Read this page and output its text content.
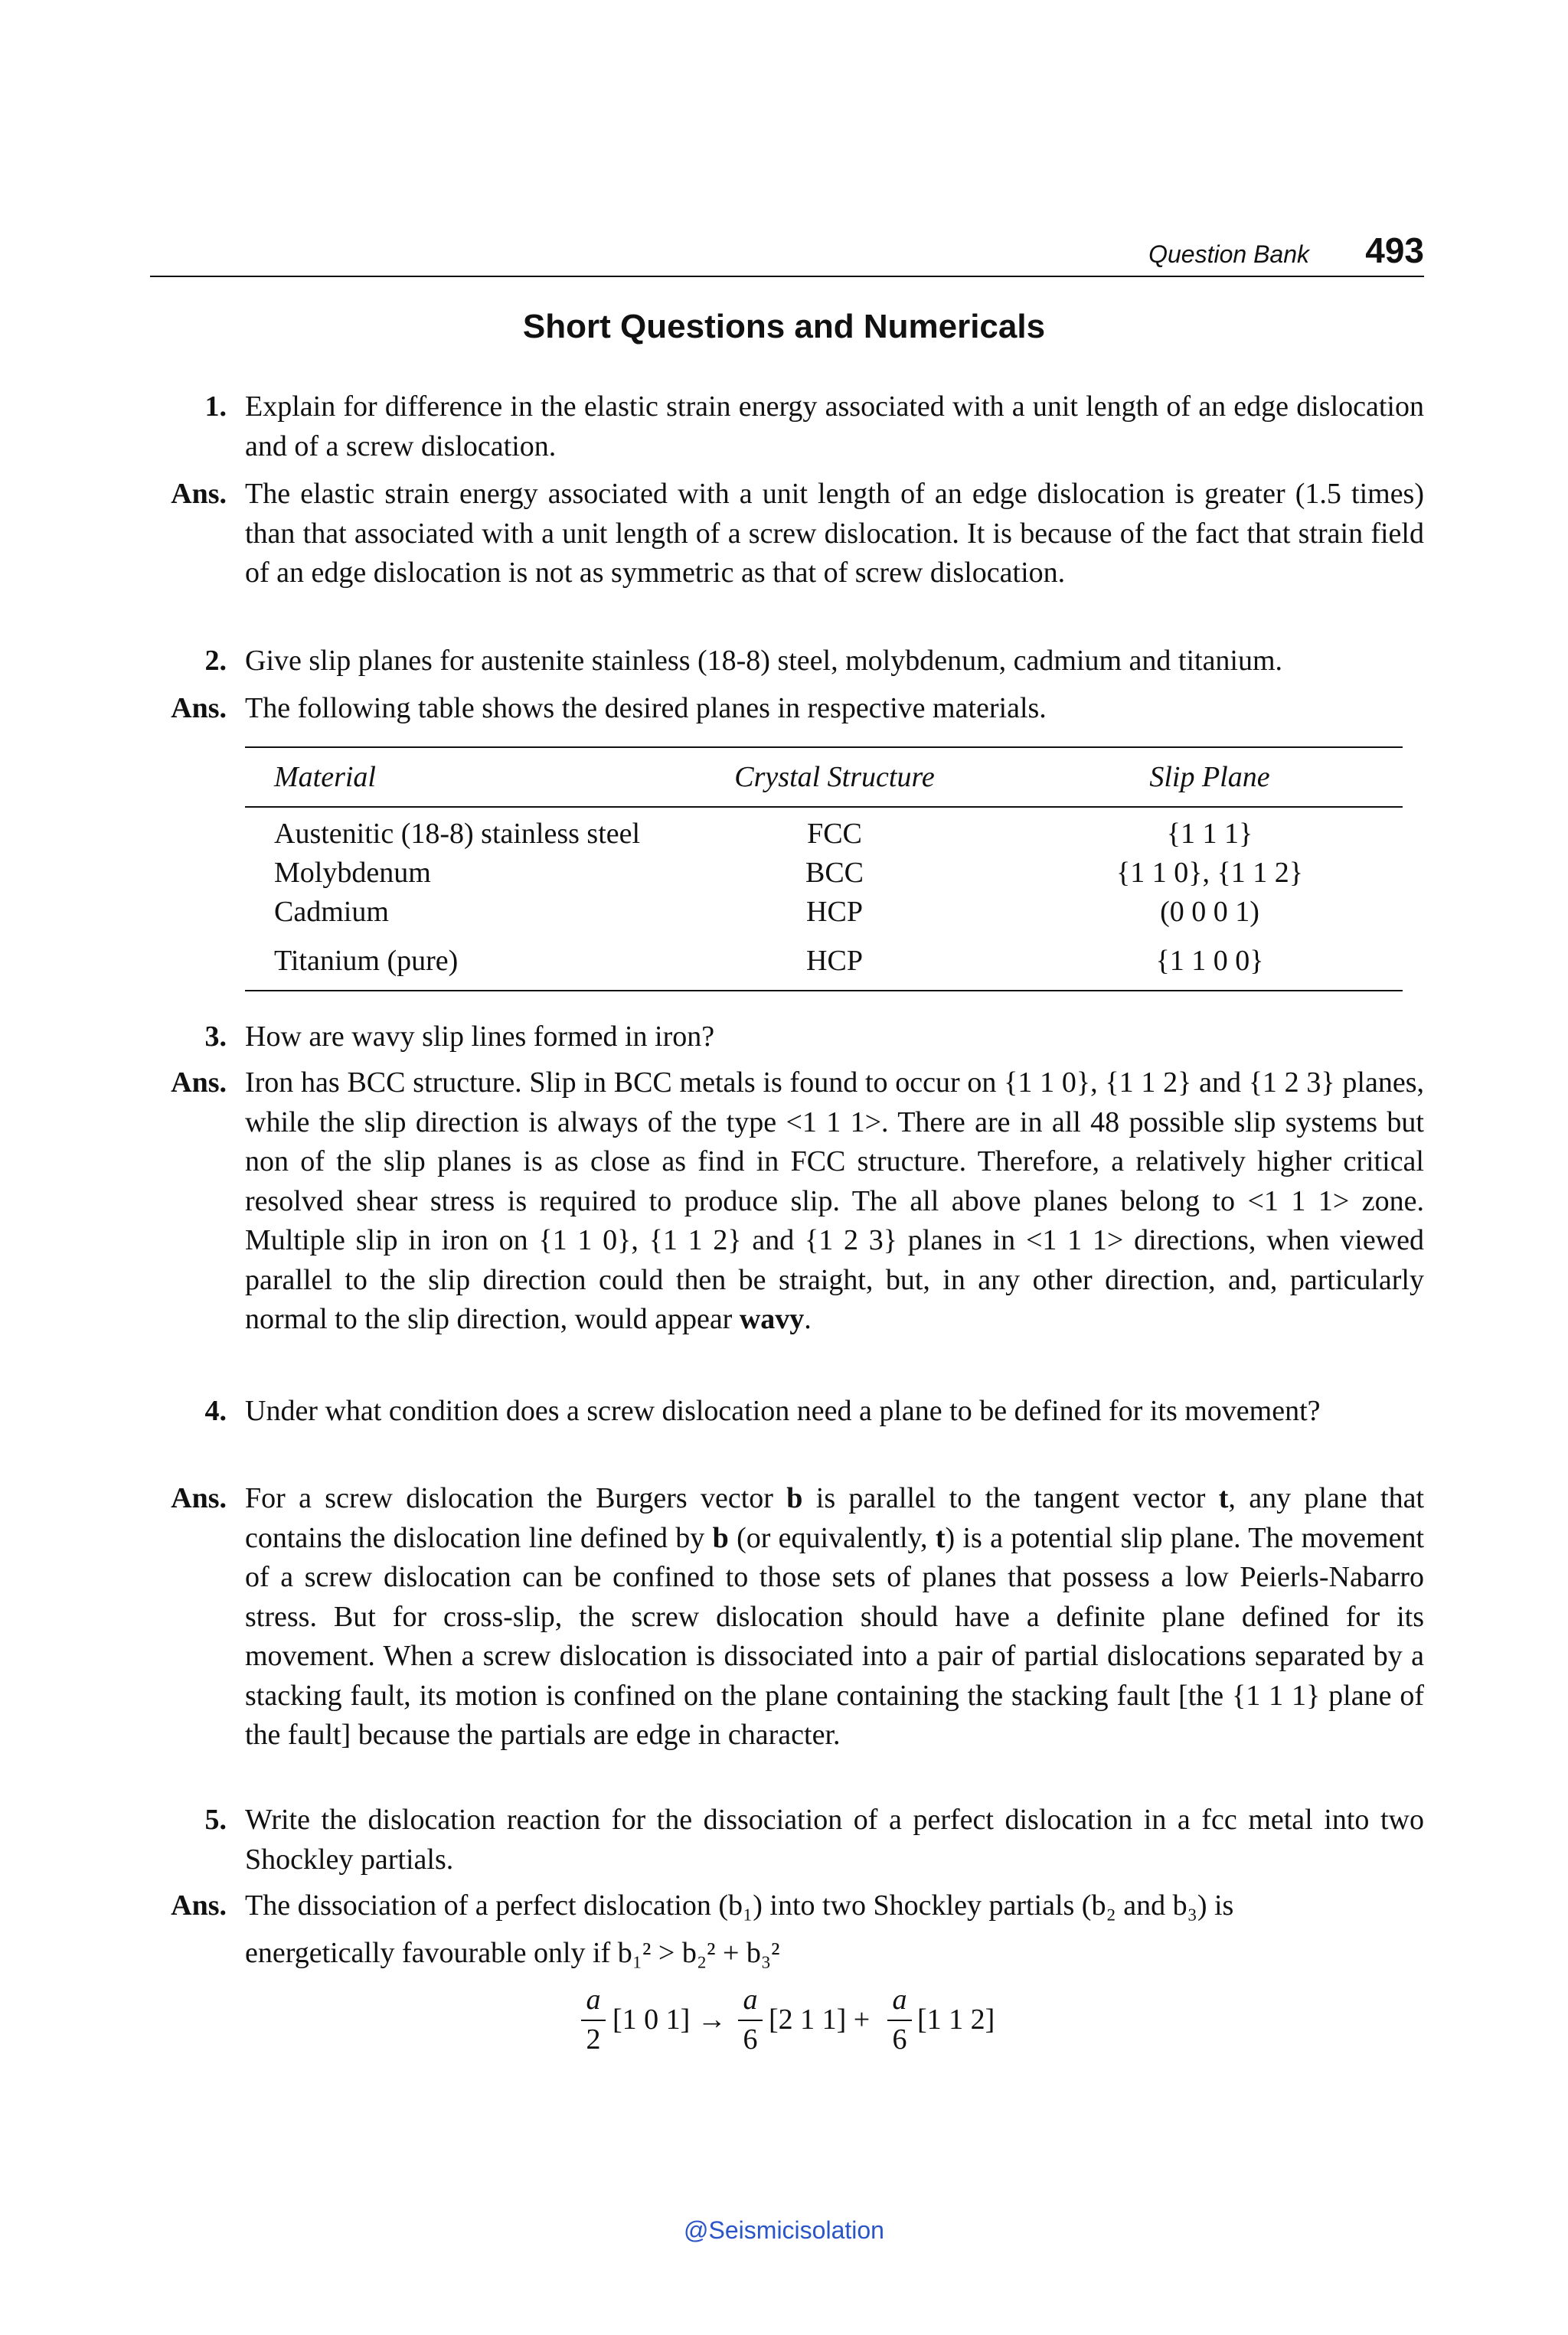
Question Bank 493
Short Questions and Numericals
1. Explain for difference in the elastic strain energy associated with a unit length of an edge dislocation and of a screw dislocation.
Ans. The elastic strain energy associated with a unit length of an edge dislocation is greater (1.5 times) than that associated with a unit length of a screw dislocation. It is because of the fact that strain field of an edge dislocation is not as symmetric as that of screw dislocation.
2. Give slip planes for austenite stainless (18-8) steel, molybdenum, cadmium and titanium.
Ans. The following table shows the desired planes in respective materials.
Material	Crystal Structure	Slip Plane
Austenitic (18-8) stainless steel	FCC	{1 1 1}
Molybdenum	BCC	{1 1 0}, {1 1 2}
Cadmium	HCP	(0 0 0 1)
Titanium (pure)	HCP	{1 1 0 0}
3. How are wavy slip lines formed in iron?
Ans. Iron has BCC structure. Slip in BCC metals is found to occur on {1 1 0}, {1 1 2} and {1 2 3} planes, while the slip direction is always of the type <1 1 1>. There are in all 48 possible slip systems but non of the slip planes is as close as find in FCC structure. Therefore, a relatively higher critical resolved shear stress is required to produce slip. The all above planes belong to <1 1 1> zone. Multiple slip in iron on {1 1 0}, {1 1 2} and {1 2 3} planes in <1 1 1> directions, when viewed parallel to the slip direction could then be straight, but, in any other direction, and, particularly normal to the slip direction, would appear wavy.
4. Under what condition does a screw dislocation need a plane to be defined for its movement?
Ans. For a screw dislocation the Burgers vector b is parallel to the tangent vector t, any plane that contains the dislocation line defined by b (or equivalently, t) is a potential slip plane. The movement of a screw dislocation can be confined to those sets of planes that possess a low Peierls-Nabarro stress. But for cross-slip, the screw dislocation should have a definite plane defined for its movement. When a screw dislocation is dissociated into a pair of partial dislocations separated by a stacking fault, its motion is confined on the plane containing the stacking fault [the {1 1 1} plane of the fault] because the partials are edge in character.
5. Write the dislocation reaction for the dissociation of a perfect dislocation in a fcc metal into two Shockley partials.
Ans. The dissociation of a perfect dislocation (b₁) into two Shockley partials (b₂ and b₃) is
energetically favourable only if b₁² > b₂² + b₃²
a
2
[1 0 1] →
a
6
[2 1 1] +
a
6
[1 1 2]
@Seismicisolation
